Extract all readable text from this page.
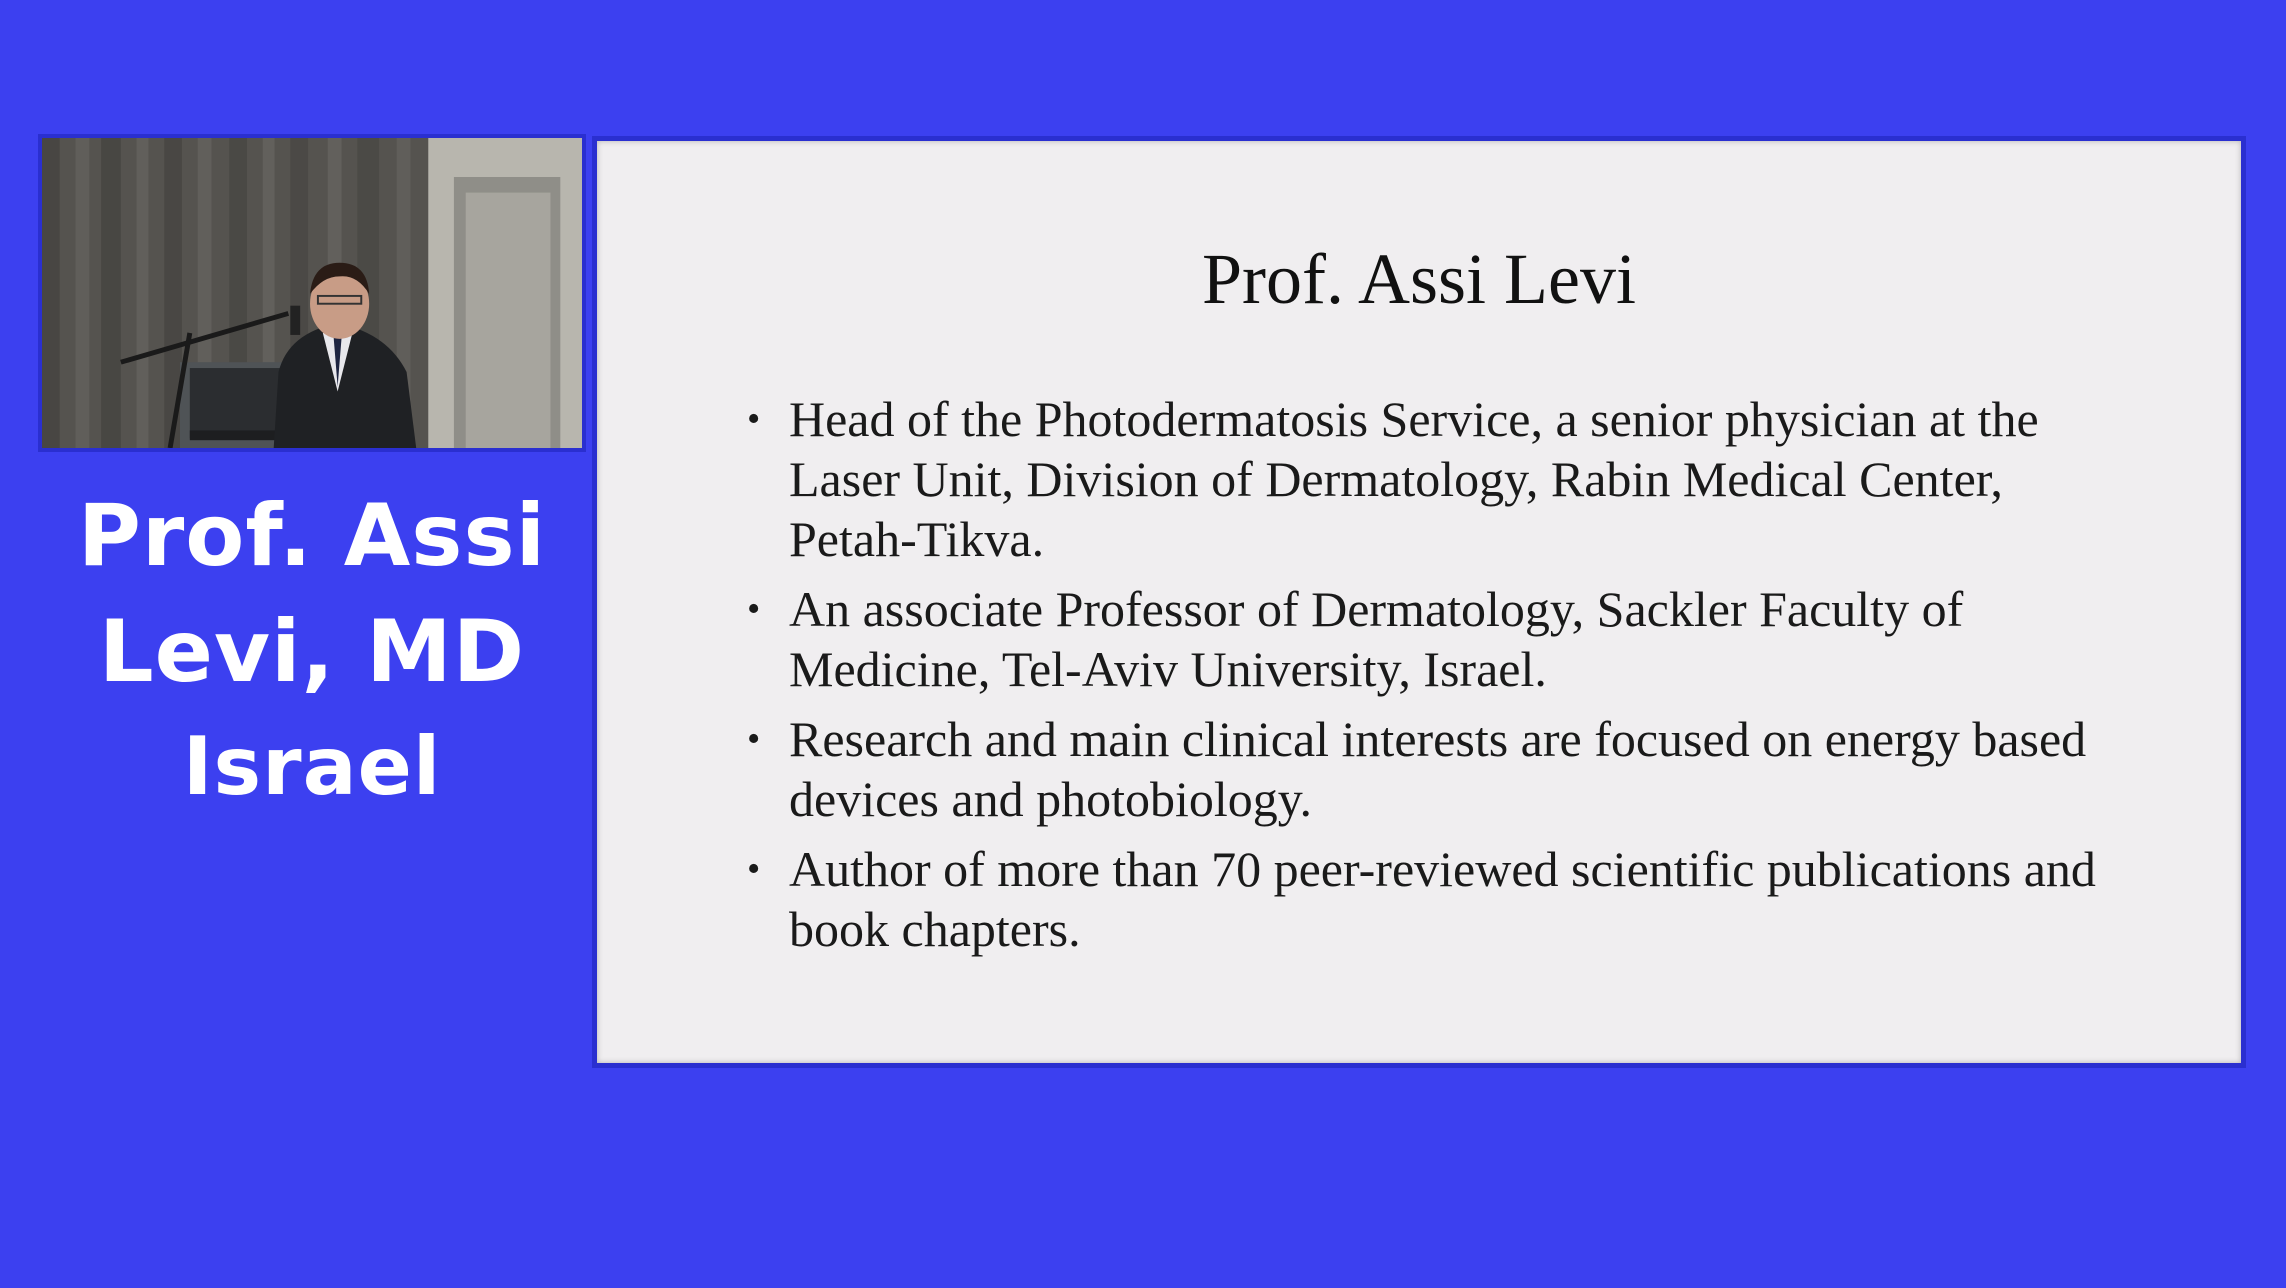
Prof. Assi
Levi, MD
Israel
Prof. Assi Levi
• Head of the Photodermatosis Service, a senior physician at the Laser Unit, Division of Dermatology, Rabin Medical Center, Petah-Tikva.
• An associate Professor of Dermatology, Sackler Faculty of Medicine, Tel-Aviv University, Israel.
• Research and main clinical interests are focused on energy based devices and photobiology.
• Author of more than 70 peer-reviewed scientific publications and book chapters.
